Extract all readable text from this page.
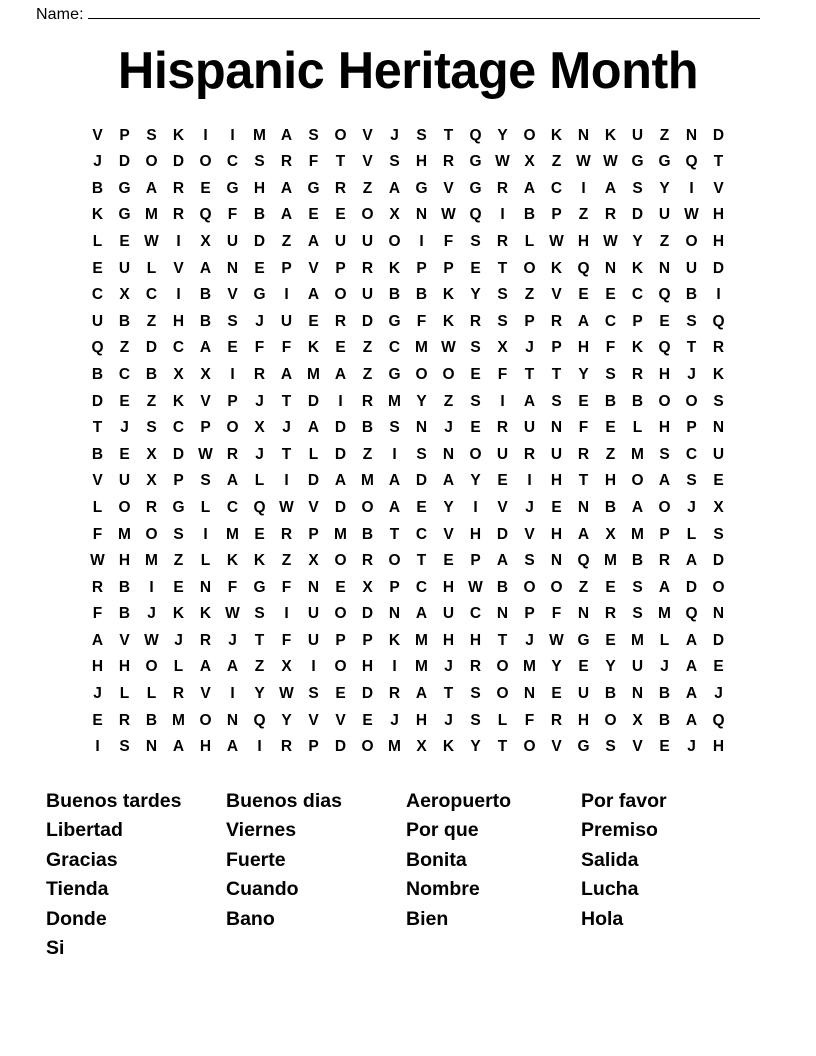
Name:
Hispanic Heritage Month
V	P	S	K	I	I	M A	S	O	V	J	S	T	Q	Y	O K	N	K	U	Z	N	D
J	D O D O C	S	R	F	T	V	S	H	R G W X	Z W W G G Q	T
B G A	R	E	G H	A G R	Z	A G	V	G R	A	C	I	A	S	Y	I	V
K G M R Q	F	B	A	E	E	O	X	N W Q	I	B	P	Z	R	D	U W H
L	E W	I	X	U	D	Z	A	U	U O	I	F	S	R	L W H W Y	Z	O H
E	U	L	V	A	N	E	P	V	P	R	K	P	P	E	T	O K Q N	K	N	U	D
C	X	C	I	B	V	G	I	A O U	B	B	K	Y	S	Z	V	E	E	C Q B	I
U	B	Z	H	B	S	J	U	E	R	D G	F	K	R	S	P	R	A	C	P	E	S	Q
Q	Z	D	C	A	E	F	F	K	E	Z	C M W S	X	J	P	H	F	K Q	T	R
B	C	B	X	X	I	R	A M A	Z	G O O	E	F	T	T	Y	S	R	H	J	K
D	E	Z	K	V	P	J	T	D	I	R M Y	Z	S	I	A	S	E	B	B O O	S
T	J	S	C	P	O	X	J	A	D	B	S	N	J	E	R	U	N	F	E	L	H	P	N
B	E	X	D W R	J	T	L	D	Z	I	S	N O U	R	U	R	Z	M S	C	U
V	U	X	P	S	A	L	I	D	A M A	D	A	Y	E	I	H	T	H O A	S	E
L	O R G	L	C Q W V	D O A	E	Y	I	V	J	E	N	B	A O	J	X
F	M O	S	I	M E	R	P M B	T	C	V	H	D	V	H	A	X M P	L	S
W H M	Z	L	K	K	Z	X	O R O	T	E	P	A	S	N Q M B	R	A	D
R	B	I	E	N	F	G	F	N	E	X	P	C	H W B O O	Z	E	S	A	D O
F	B	J	K	K W S	I	U O D	N	A	U	C	N	P	F	N	R	S M Q N
A	V W J	R	J	T	F	U	P	P	K M H	H	T	J W G	E M	L	A	D
H	H O	L	A	A	Z	X	I	O H	I	M	J	R O M Y	E	Y	U	J	A	E
J	L	L	R	V	I	Y W S	E	D	R	A	T	S	O N	E	U	B	N	B	A	J
E	R	B M O N Q	Y	V	V	E	J	H	J	S	L	F	R	H O	X	B	A Q
I	S	N	A	H	A	I	R	P	D O M X	K	Y	T	O	V	G	S	V	E	J	H
Buenos tardes
Libertad
Gracias
Tienda
Donde
Si
Buenos dias
Viernes
Fuerte
Cuando
Bano
Aeropuerto
Por que
Bonita
Nombre
Bien
Por favor
Premiso
Salida
Lucha
Hola
